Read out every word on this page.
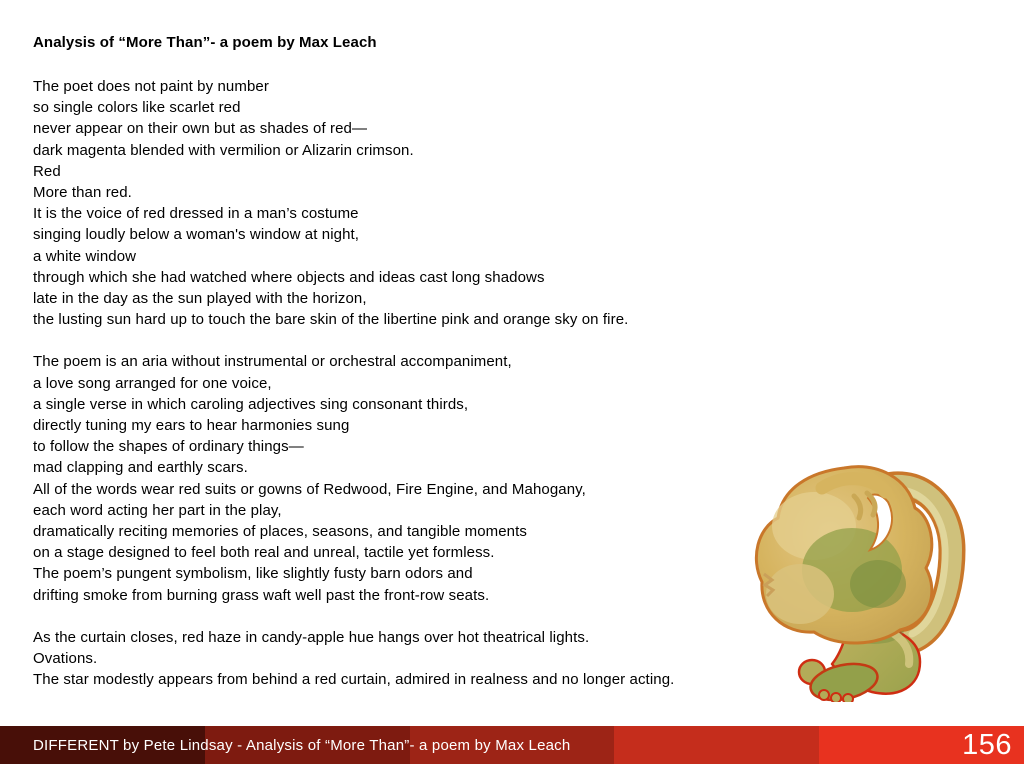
Analysis of “More Than”- a poem by Max Leach
The poet does not paint by number
so single colors like scarlet red
never appear on their own but as shades of red—
dark magenta blended with vermilion or Alizarin crimson.
Red
More than red.
It is the voice of red dressed in a man’s costume
singing loudly below a woman's window at night,
a white window
through which she had watched where objects and ideas cast long shadows
late in the day as the sun played with the horizon,
the lusting sun hard up to touch the bare skin of the libertine pink and orange sky on fire.
The poem is an aria without instrumental or orchestral accompaniment,
a love song arranged for one voice,
a single verse in which caroling adjectives sing consonant thirds,
directly tuning my ears to hear harmonies sung
to follow the shapes of ordinary things—
mad clapping and earthly scars.
All of the words wear red suits or gowns of Redwood, Fire Engine, and Mahogany,
each word acting her part in the play,
dramatically reciting memories of places, seasons, and tangible moments
on a stage designed to feel both real and unreal, tactile yet formless.
The poem’s pungent symbolism, like slightly fusty barn odors and
drifting smoke from burning grass waft well past the front-row seats.
As the curtain closes, red haze in candy-apple hue hangs over hot theatrical lights.
Ovations.
The star modestly appears from behind a red curtain, admired in realness and no longer acting.
DIFFERENT by Pete Lindsay - Analysis of “More Than”- a poem by Max Leach	156
